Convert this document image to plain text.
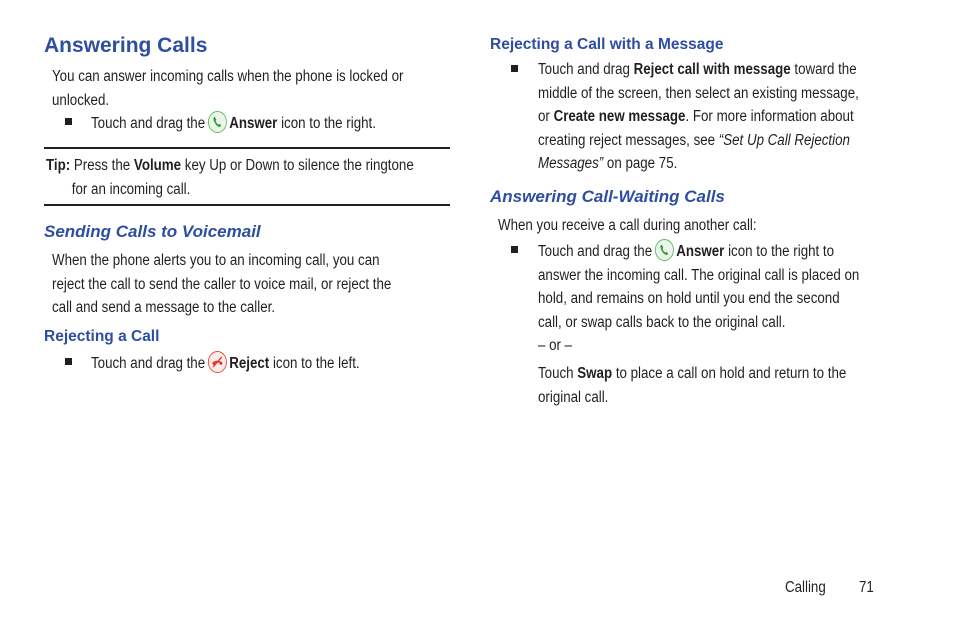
Answering Calls
You can answer incoming calls when the phone is locked or
unlocked.
Touch and drag the Answer icon to the right.
Tip: Press the Volume key Up or Down to silence the ringtone
for an incoming call.
Sending Calls to Voicemail
When the phone alerts you to an incoming call, you can
reject the call to send the caller to voice mail, or reject the
call and send a message to the caller.
Rejecting a Call
Touch and drag the Reject icon to the left.
Rejecting a Call with a Message
Touch and drag Reject call with message toward the
middle of the screen, then select an existing message,
or Create new message. For more information about
creating reject messages, see “Set Up Call Rejection
Messages” on page 75.
Answering Call-Waiting Calls
When you receive a call during another call:
Touch and drag the Answer icon to the right to
answer the incoming call. The original call is placed on
hold, and remains on hold until you end the second
call, or swap calls back to the original call.
– or –
Touch Swap to place a call on hold and return to the
original call.
Calling 71
